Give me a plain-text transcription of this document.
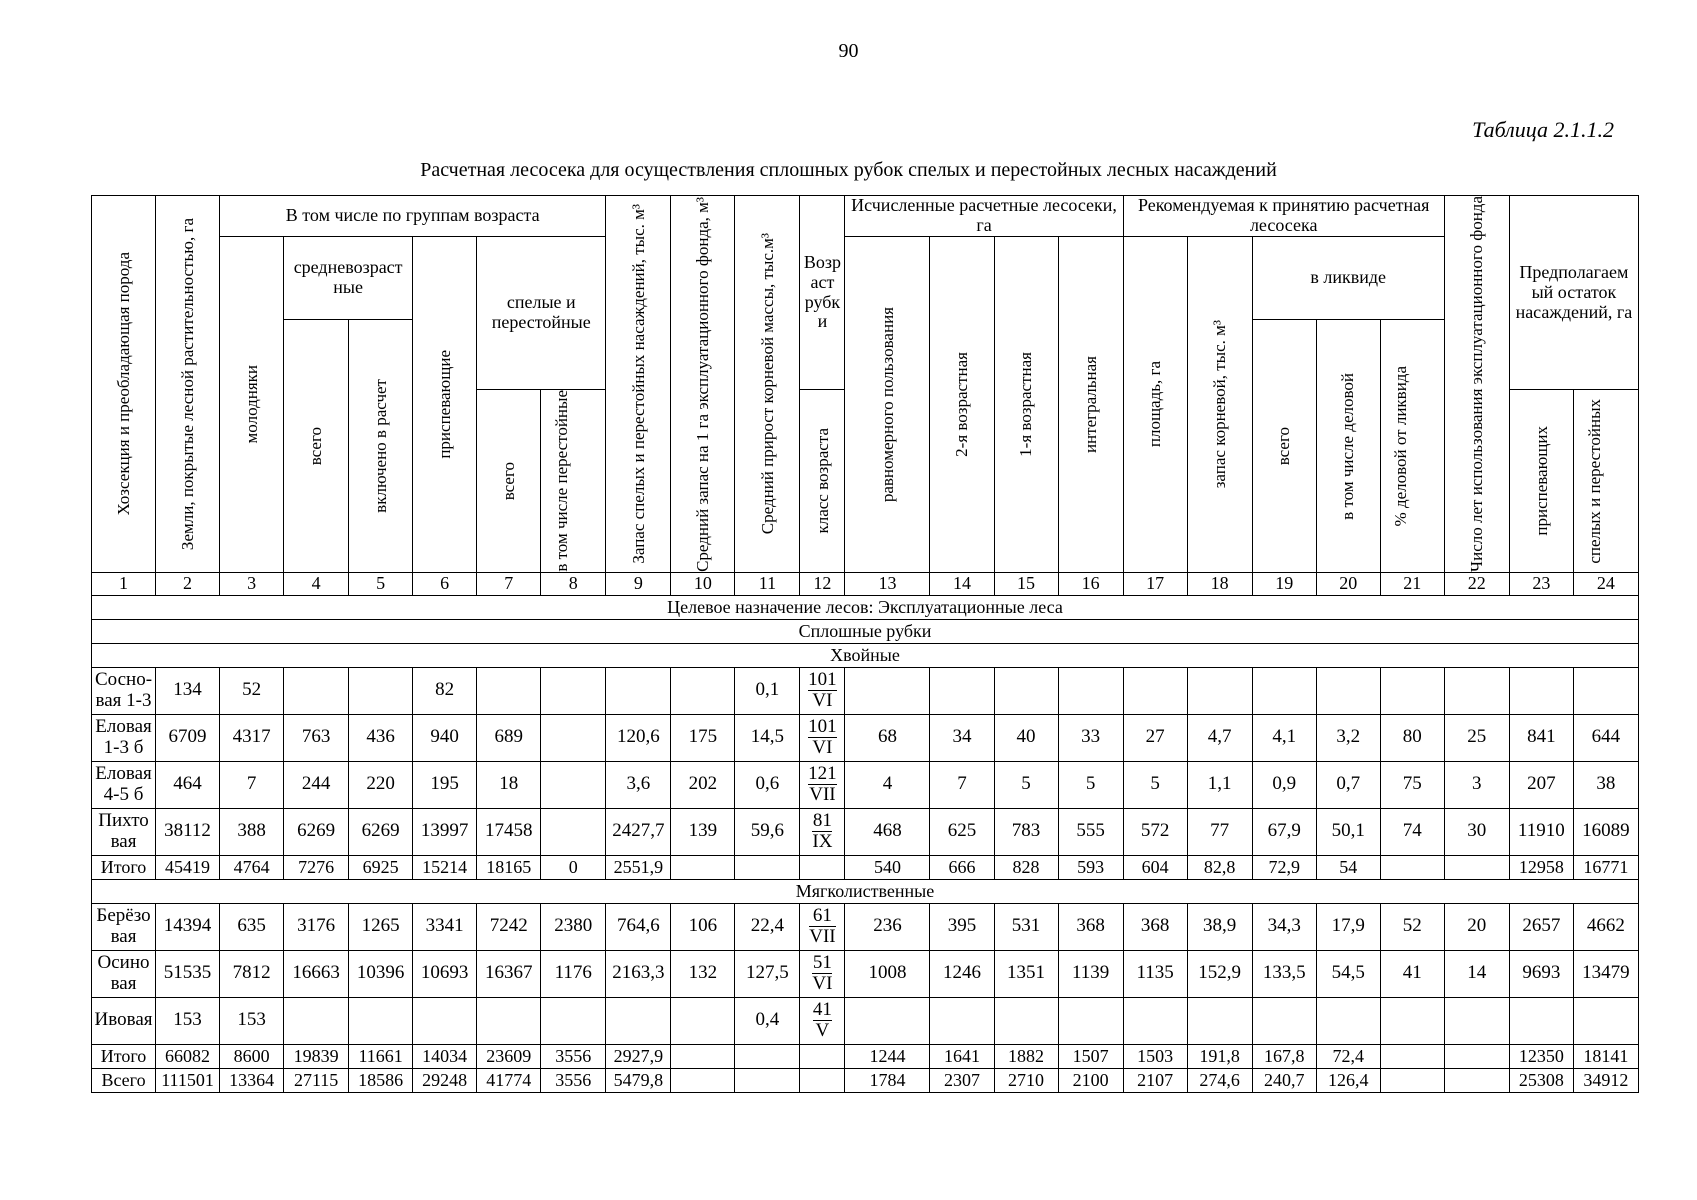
90
Таблица 2.1.1.2
Расчетная лесосека для осуществления сплошных рубок спелых и перестойных лесных насаждений
Хозсекция и преобладающая порода	Земли, покрытые лесной растительностью, га	В том числе по группам возраста						Запас спелых и перестойных насаждений, тыс. м³	Средний запас на 1 га эксплуатационного фонда, м³	Средний прирост корневой массы, тыс.м³	Возр аст рубк и	Исчисленные расчетные лесосеки, га				Рекомендуемая к принятию расчетная лесосека					Число лет использования эксплуатационного фонда	Предполагаем ый остаток насаждений, га	

		молодняки	средневозраст ные		приспевающие	спелые и перестойные						равномерного пользования	2-я возрастная	1-я возрастная	интегральная	площадь, га	запас корневой, тыс. м³	в ликвиде					

			всего	включено в расчет														всего	в том числе деловой	% деловой от ликвида			

						всего	в том числе перестойные				класс возраста											приспевающих	спелых и перестойных

1	2	3	4	5	6	7	8	9	10	11	12	13	14	15	16	17	18	19	20	21	22	23	24
Целевое назначение лесов: Эксплуатационные леса																							
Сплошные рубки																							
Хвойные																							
Сосно-вая 1-3	134	52			82					0,1	$\frac{101}{VI}$

Еловая 1-3 б	6709	4317	763	436	940	689		120,6	175	14,5	$\frac{101}{VI}$	68	34	40	33	27	4,7	4,1	3,2	80	25	841	644
Еловая 4-5 б	464	7	244	220	195	18		3,6	202	0,6	$\frac{121}{\text{VII}}$	4	7	5	5	5	1,1	0,9	0,7	75	3	207	38
Пихто вая	38112	388	6269	6269	13997	17458		2427,7	139	59,6	$\frac{81}{IX}$	468	625	783	555	572	77	67,9	50,1	74	30	11910	16089
Итого	45419	4764	7276	6925	15214	18165	0	2551,9				540	666	828	593	604	82,8	72,9	54			12958	16771
Мягколиственные																							
Берёзо вая	14394	635	3176	1265	3341	7242	2380	764,6	106	22,4	$\frac{61}{\text{VII}}$	236	395	531	368	368	38,9	34,3	17,9	52	20	2657	4662
Осино вая	51535	7812	16663	10396	10693	16367	1176	2163,3	132	127,5	$\frac{51}{VI}$	1008	1246	1351	1139	1135	152,9	133,5	54,5	41	14	9693	13479
Ивовая	153	153								0,4	$\frac{41}{V}$

Итого	66082	8600	19839	11661	14034	23609	3556	2927,9				1244	1641	1882	1507	1503	191,8	167,8	72,4			12350	18141
Всего	111501	13364	27115	18586	29248	41774	3556	5479,8				1784	2307	2710	2100	2107	274,6	240,7	126,4			25308	34912
